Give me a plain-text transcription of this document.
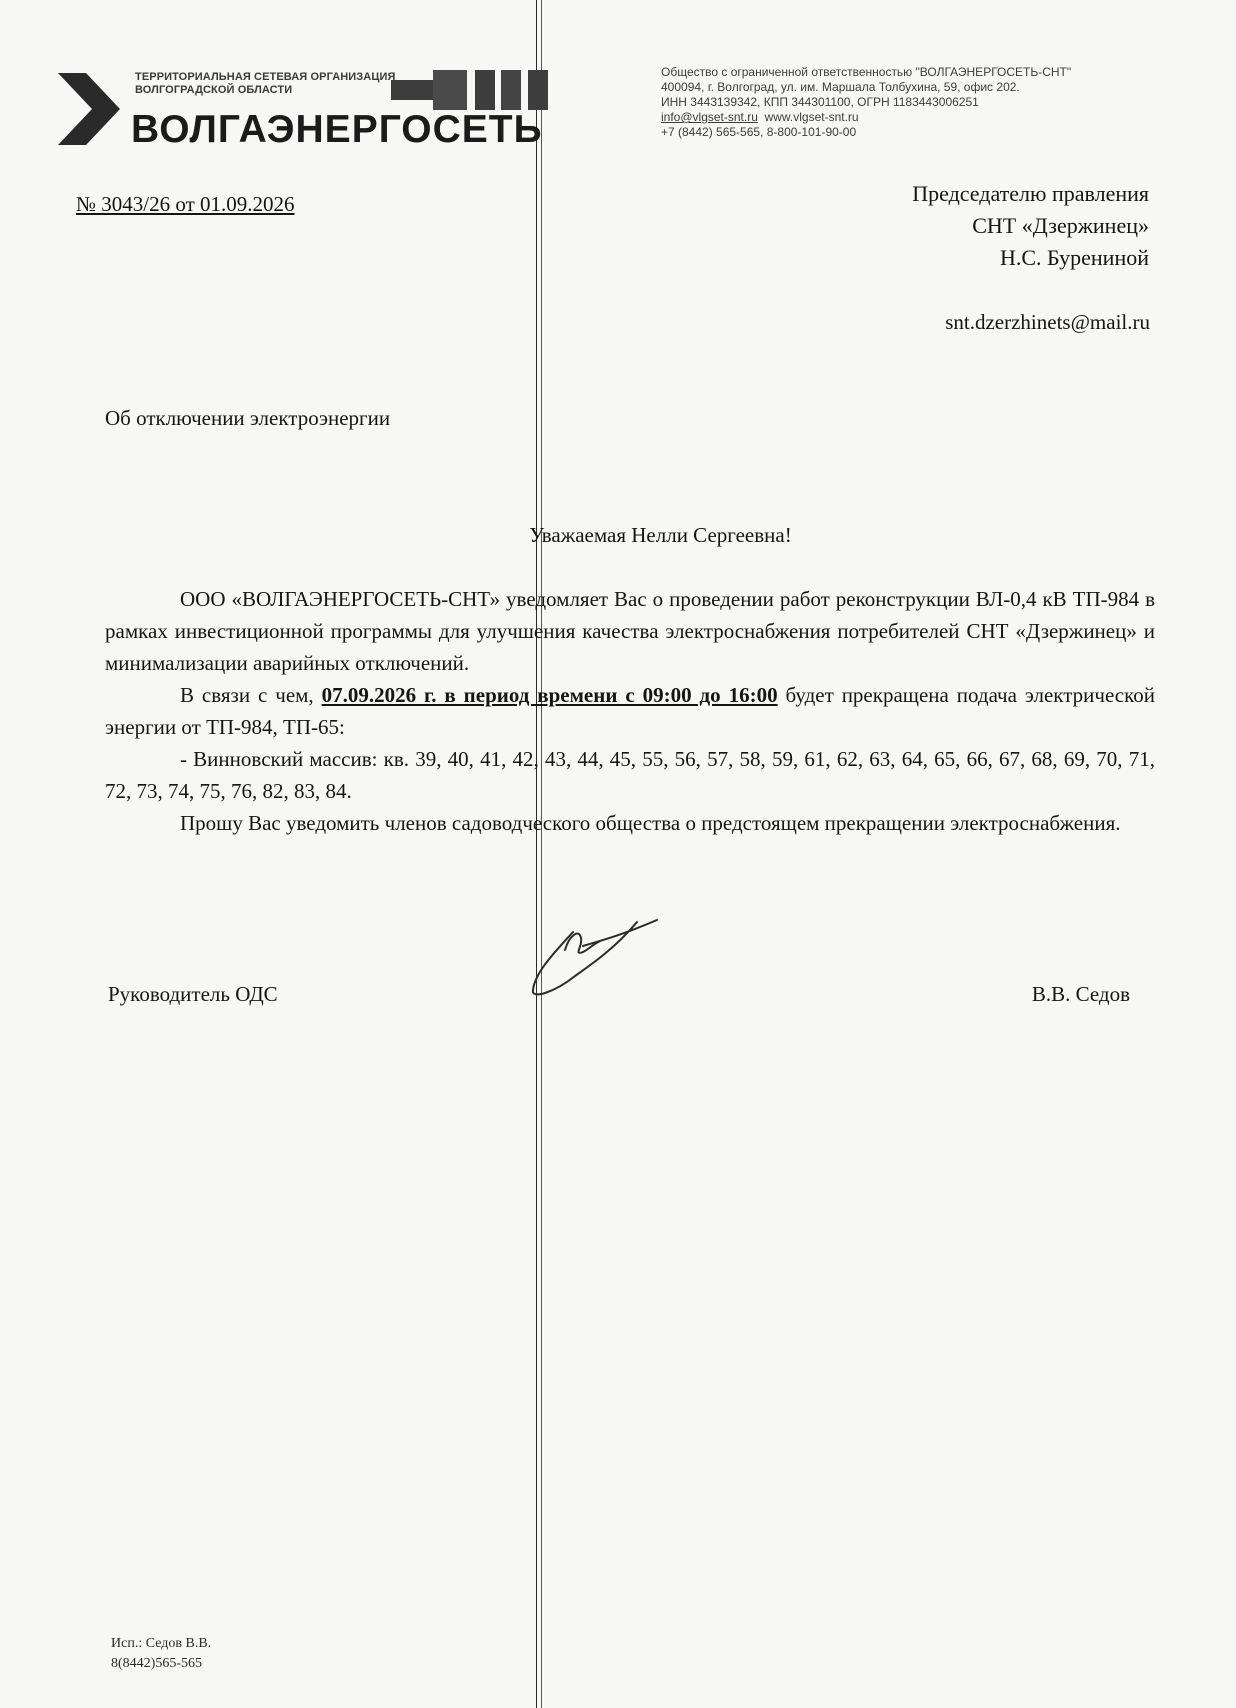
ТЕРРИТОРИАЛЬНАЯ СЕТЕВАЯ ОРГАНИЗАЦИЯ
ВОЛГОГРАДСКОЙ ОБЛАСТИ
ВОЛГАЭНЕРГОСЕТЬ
Общество с ограниченной ответственностью "ВОЛГАЭНЕРГОСЕТЬ-СНТ"
400094, г. Волгоград, ул. им. Маршала Толбухина, 59, офис 202.
ИНН 3443139342, КПП 344301100, ОГРН 1183443006251
info@vlgset-snt.ru www.vlgset-snt.ru
+7 (8442) 565-565, 8-800-101-90-00
№ 3043/26 от 01.09.2026	Председателю правления
СНТ «Дзержинец»
Н.С. Бурениной
snt.dzerzhinets@mail.ru
Об отключении электроэнергии
Уважаемая Нелли Сергеевна!

ООО «ВОЛГАЭНЕРГОСЕТЬ-СНТ» уведомляет Вас о проведении работ реконструкции ВЛ-0,4 кВ ТП-984 в рамках инвестиционной программы для улучшения качества электроснабжения потребителей СНТ «Дзержинец» и минимализации аварийных отключений.

В связи с чем, 07.09.2026 г. в период времени с 09:00 до 16:00 будет прекращена подача электрической энергии от ТП-984, ТП-65:

- Винновский массив: кв. 39, 40, 41, 42, 43, 44, 45, 55, 56, 57, 58, 59, 61, 62, 63, 64, 65, 66, 67, 68, 69, 70, 71, 72, 73, 74, 75, 76, 82, 83, 84.

Прошу Вас уведомить членов садоводческого общества о предстоящем прекращении электроснабжения.

Руководитель ОДС	В.В. Седов
Исп.: Седов В.В.
8(8442)565-565
